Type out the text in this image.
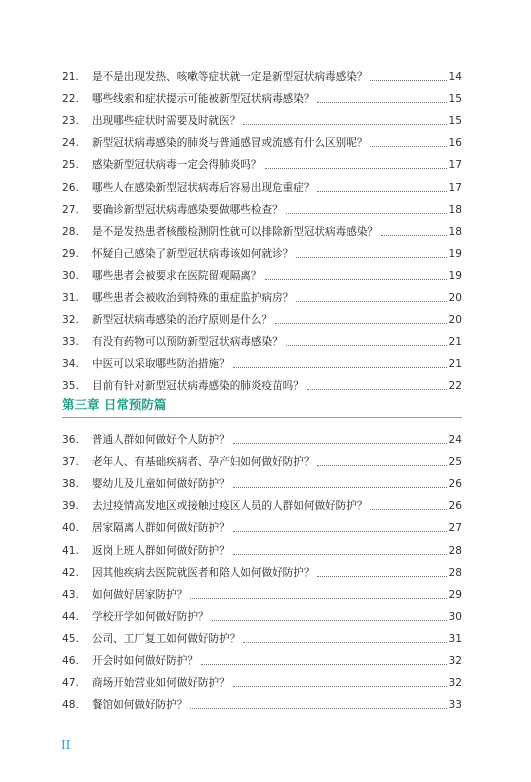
21.	是不是出现发热、咳嗽等症状就一定是新型冠状病毒感染？	14
22.	哪些线索和症状提示可能被新型冠状病毒感染？	15
23.	出现哪些症状时需要及时就医？	15
24.	新型冠状病毒感染的肺炎与普通感冒或流感有什么区别呢？	16
25.	感染新型冠状病毒一定会得肺炎吗？	17
26.	哪些人在感染新型冠状病毒后容易出现危重症？	17
27.	要确诊新型冠状病毒感染要做哪些检查？	18
28.	是不是发热患者核酸检测阴性就可以排除新型冠状病毒感染？	18
29.	怀疑自己感染了新型冠状病毒该如何就诊？	19
30.	哪些患者会被要求在医院留观隔离？	19
31.	哪些患者会被收治到特殊的重症监护病房？	20
32.	新型冠状病毒感染的治疗原则是什么？	20
33.	有没有药物可以预防新型冠状病毒感染？	21
34.	中医可以采取哪些防治措施？	21
35.	目前有针对新型冠状病毒感染的肺炎疫苗吗？	22
第三章 日常预防篇
36.	普通人群如何做好个人防护？	24
37.	老年人、有基础疾病者、孕产妇如何做好防护？	25
38.	婴幼儿及儿童如何做好防护？	26
39.	去过疫情高发地区或接触过疫区人员的人群如何做好防护？	26
40.	居家隔离人群如何做好防护？	27
41.	返岗上班人群如何做好防护？	28
42.	因其他疾病去医院就医者和陪人如何做好防护？	28
43.	如何做好居家防护？	29
44.	学校开学如何做好防护？	30
45.	公司、工厂复工如何做好防护？	31
46.	开会时如何做好防护？	32
47.	商场开始营业如何做好防护？	32
48.	餐馆如何做好防护？	33
II
